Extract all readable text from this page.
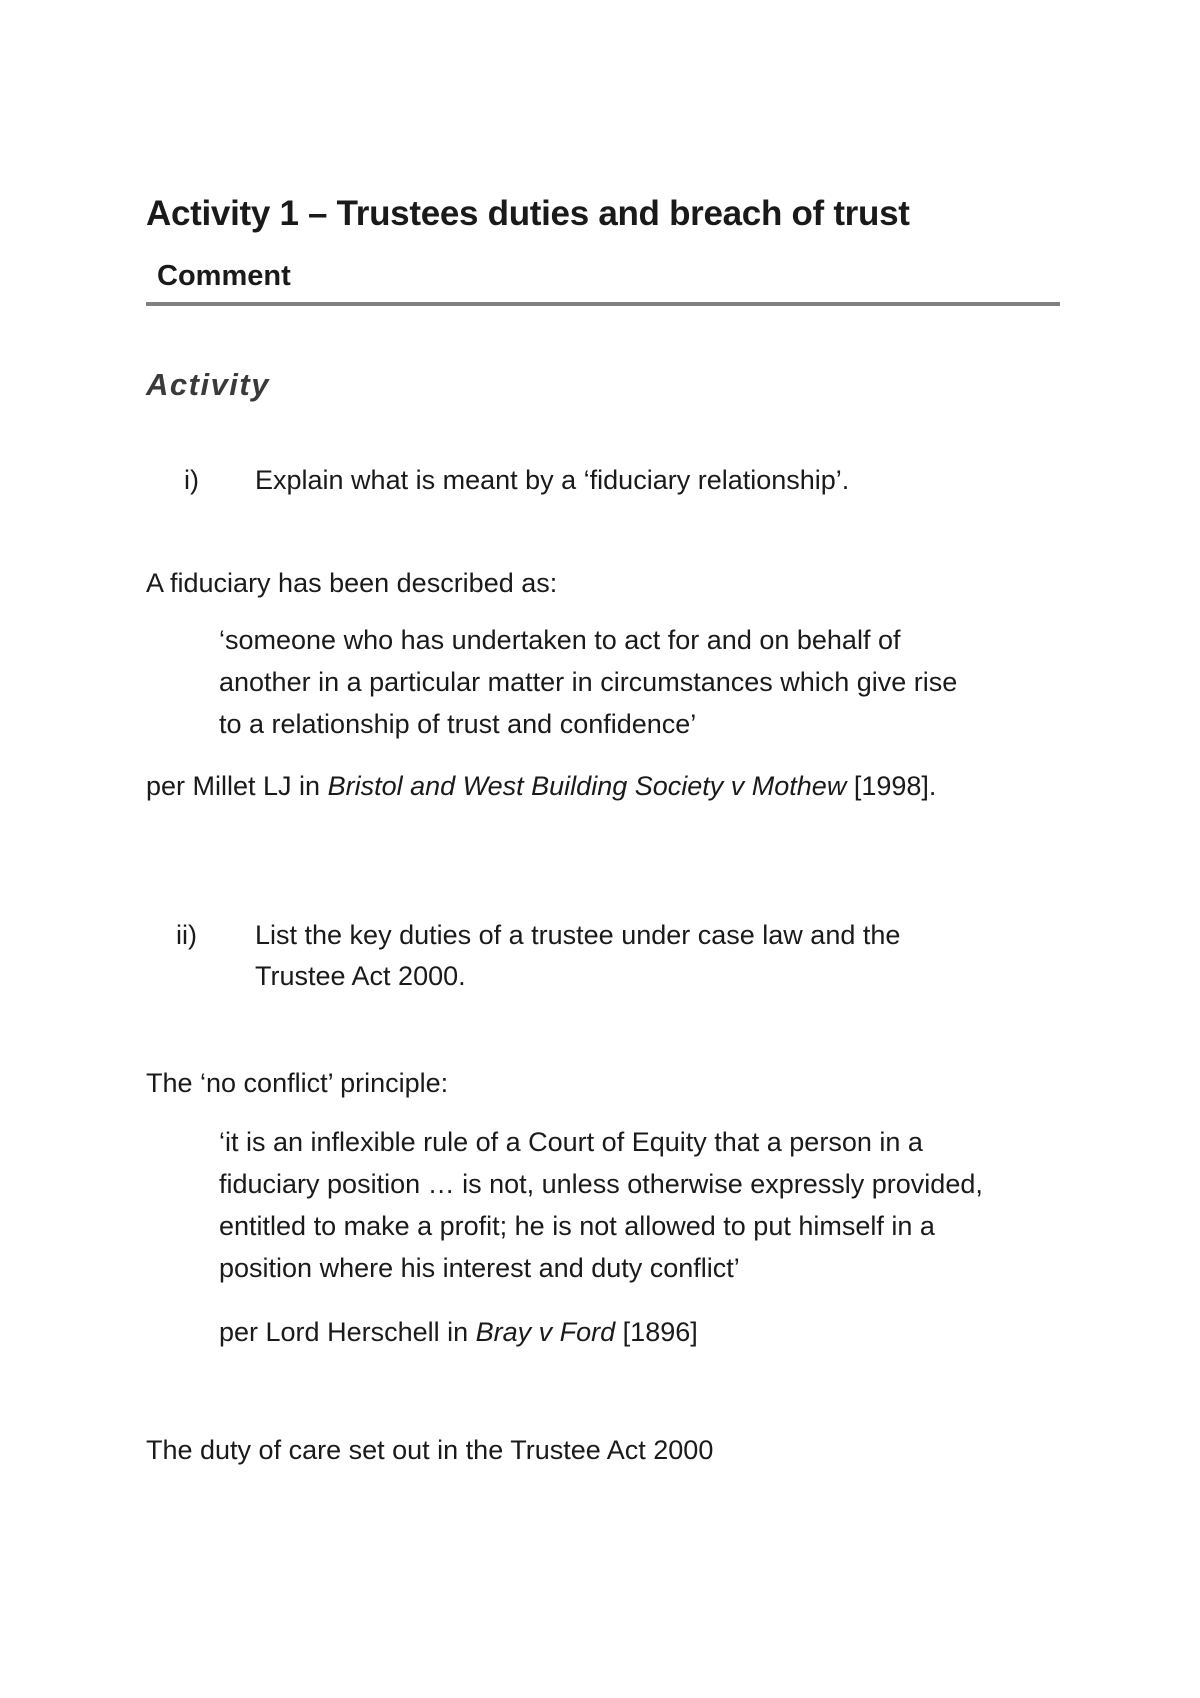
Activity 1 – Trustees duties and breach of trust
Comment
Activity
i) Explain what is meant by a ‘fiduciary relationship’.
A fiduciary has been described as:
‘someone who has undertaken to act for and on behalf of
another in a particular matter in circumstances which give rise
to a relationship of trust and confidence’
per Millet LJ in Bristol and West Building Society v Mothew [1998].
ii) List the key duties of a trustee under case law and the
Trustee Act 2000.
The ‘no conflict’ principle:
‘it is an inflexible rule of a Court of Equity that a person in a
fiduciary position … is not, unless otherwise expressly provided,
entitled to make a profit; he is not allowed to put himself in a
position where his interest and duty conflict’
per Lord Herschell in Bray v Ford [1896]
The duty of care set out in the Trustee Act 2000
